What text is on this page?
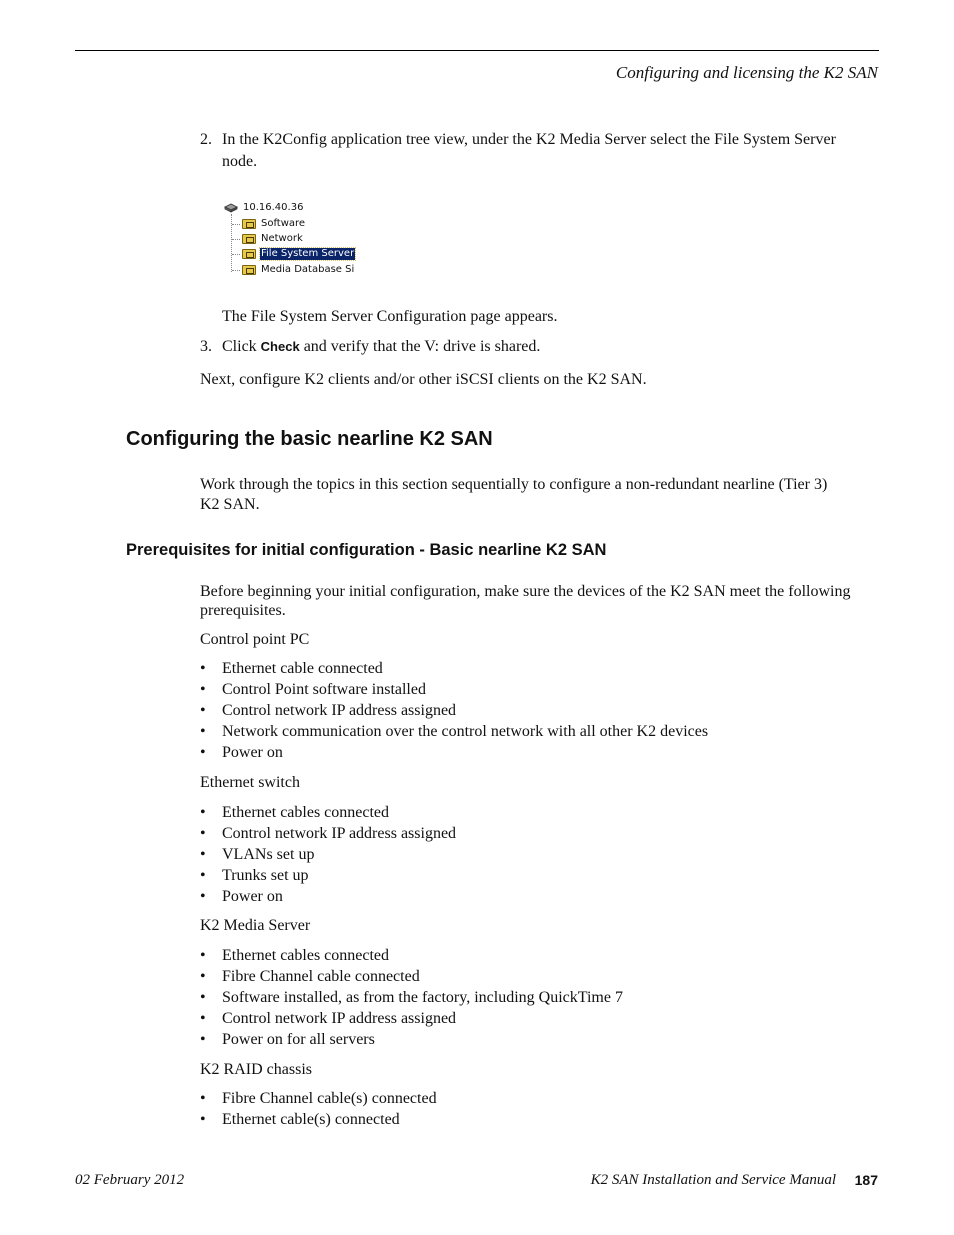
Configuring and licensing the K2 SAN
2. In the K2Config application tree view, under the K2 Media Server select the File System Server
node.
10.16.40.36
Software
Network
File System Server
Media Database Si
The File System Server Configuration page appears.
3. Click Check and verify that the V: drive is shared.
Next, configure K2 clients and/or other iSCSI clients on the K2 SAN.
Configuring the basic nearline K2 SAN
Work through the topics in this section sequentially to configure a non-redundant nearline (Tier 3)
K2 SAN.
Prerequisites for initial configuration - Basic nearline K2 SAN
Before beginning your initial configuration, make sure the devices of the K2 SAN meet the following
prerequisites.
Control point PC
• Ethernet cable connected
• Control Point software installed
• Control network IP address assigned
• Network communication over the control network with all other K2 devices
• Power on
Ethernet switch
• Ethernet cables connected
• Control network IP address assigned
• VLANs set up
• Trunks set up
• Power on
K2 Media Server
• Ethernet cables connected
• Fibre Channel cable connected
• Software installed, as from the factory, including QuickTime 7
• Control network IP address assigned
• Power on for all servers
K2 RAID chassis
• Fibre Channel cable(s) connected
• Ethernet cable(s) connected
02 February 2012	K2 SAN Installation and Service Manual 187
